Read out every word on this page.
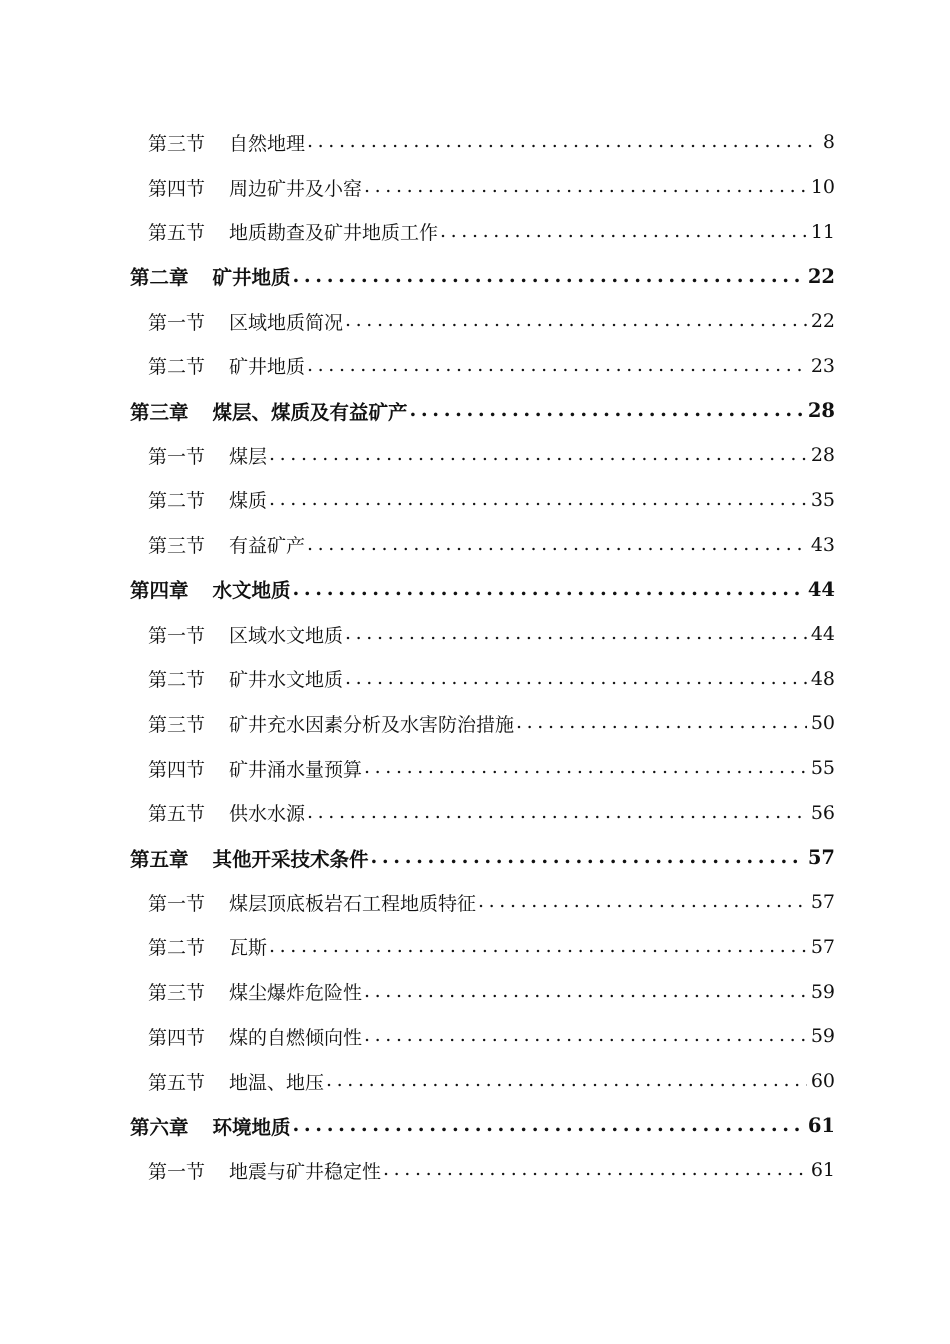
第三节 自然地理 .....	8
第四节 周边矿井及小窑 .....	10
第五节 地质勘查及矿井地质工作 .....	11
第二章 矿井地质 .....	22
第一节 区域地质简况 .....	22
第二节 矿井地质 .....	23
第三章 煤层、煤质及有益矿产 .....	28
第一节 煤层 .....	28
第二节 煤质 .....	35
第三节 有益矿产 .....	43
第四章 水文地质 .....	44
第一节 区域水文地质 .....	44
第二节 矿井水文地质 .....	48
第三节 矿井充水因素分析及水害防治措施 .....	50
第四节 矿井涌水量预算 .....	55
第五节 供水水源 .....	56
第五章 其他开采技术条件 .....	57
第一节 煤层顶底板岩石工程地质特征 .....	57
第二节 瓦斯 .....	57
第三节 煤尘爆炸危险性 .....	59
第四节 煤的自燃倾向性 .....	59
第五节 地温、地压 .....	60
第六章 环境地质 .....	61
第一节 地震与矿井稳定性 .....	61
